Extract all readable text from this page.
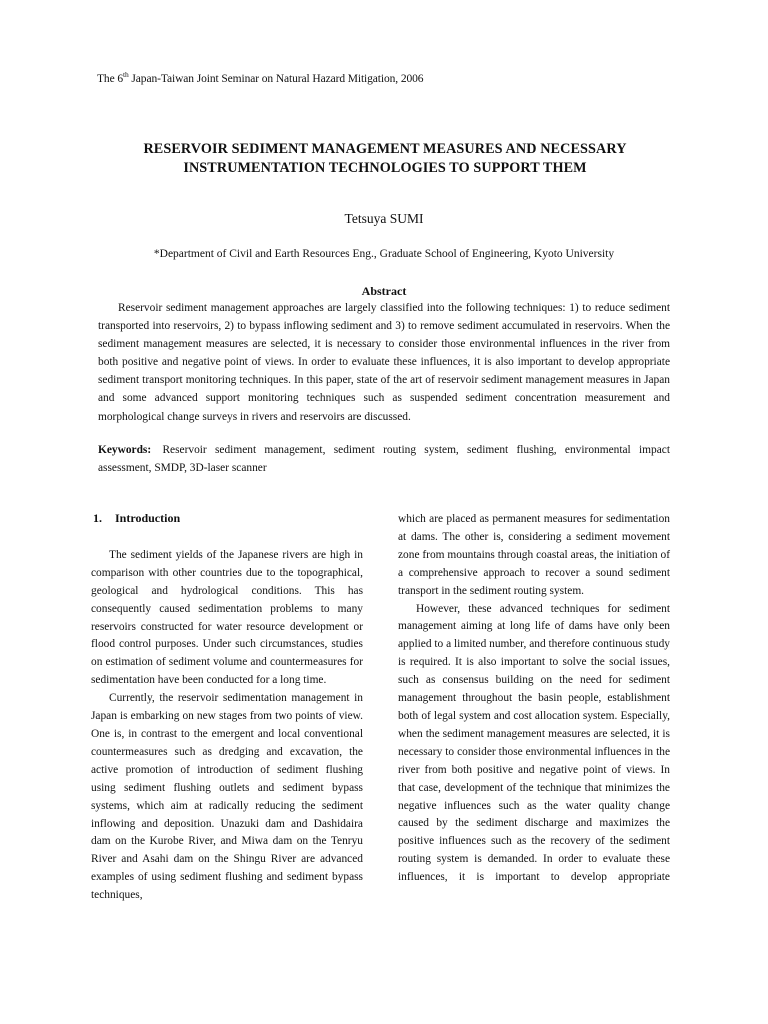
The 6th Japan-Taiwan Joint Seminar on Natural Hazard Mitigation, 2006
RESERVOIR SEDIMENT MANAGEMENT MEASURES AND NECESSARY
INSTRUMENTATION TECHNOLOGIES TO SUPPORT THEM
Tetsuya SUMI
*Department of Civil and Earth Resources Eng., Graduate School of Engineering, Kyoto University
Abstract

Reservoir sediment management approaches are largely classified into the following techniques: 1) to reduce sediment transported into reservoirs, 2) to bypass inflowing sediment and 3) to remove sediment accumulated in reservoirs. When the sediment management measures are selected, it is necessary to consider those environmental influences in the river from both positive and negative point of views. In order to evaluate these influences, it is also important to develop appropriate sediment transport monitoring techniques. In this paper, state of the art of reservoir sediment management measures in Japan and some advanced support monitoring techniques such as suspended sediment concentration measurement and morphological change surveys in rivers and reservoirs are discussed.

Keywords: Reservoir sediment management, sediment routing system, sediment flushing, environmental impact assessment, SMDP, 3D-laser scanner

1. Introduction

The sediment yields of the Japanese rivers are high in comparison with other countries due to the topographical, geological and hydrological conditions. This has consequently caused sedimentation problems to many reservoirs constructed for water resource development or flood control purposes. Under such circumstances, studies on estimation of sediment volume and countermeasures for sedimentation have been conducted for a long time.

Currently, the reservoir sedimentation management in Japan is embarking on new stages from two points of view. One is, in contrast to the emergent and local conventional countermeasures such as dredging and excavation, the active promotion of introduction of sediment flushing using sediment flushing outlets and sediment bypass systems, which aim at radically reducing the sediment inflowing and deposition. Unazuki dam and Dashidaira dam on the Kurobe River, and Miwa dam on the Tenryu River and Asahi dam on the Shingu River are advanced examples of using sediment flushing and sediment bypass techniques,

which are placed as permanent measures for sedimentation at dams. The other is, considering a sediment movement zone from mountains through coastal areas, the initiation of a comprehensive approach to recover a sound sediment transport in the sediment routing system.

However, these advanced techniques for sediment management aiming at long life of dams have only been applied to a limited number, and therefore continuous study is required. It is also important to solve the social issues, such as consensus building on the need for sediment management throughout the basin people, establishment both of legal system and cost allocation system. Especially, when the sediment management measures are selected, it is necessary to consider those environmental influences in the river from both positive and negative point of views. In that case, development of the technique that minimizes the negative influences such as the water quality change caused by the sediment discharge and maximizes the positive influences such as the recovery of the sediment routing system is demanded. In order to evaluate these influences, it is important to develop appropriate
